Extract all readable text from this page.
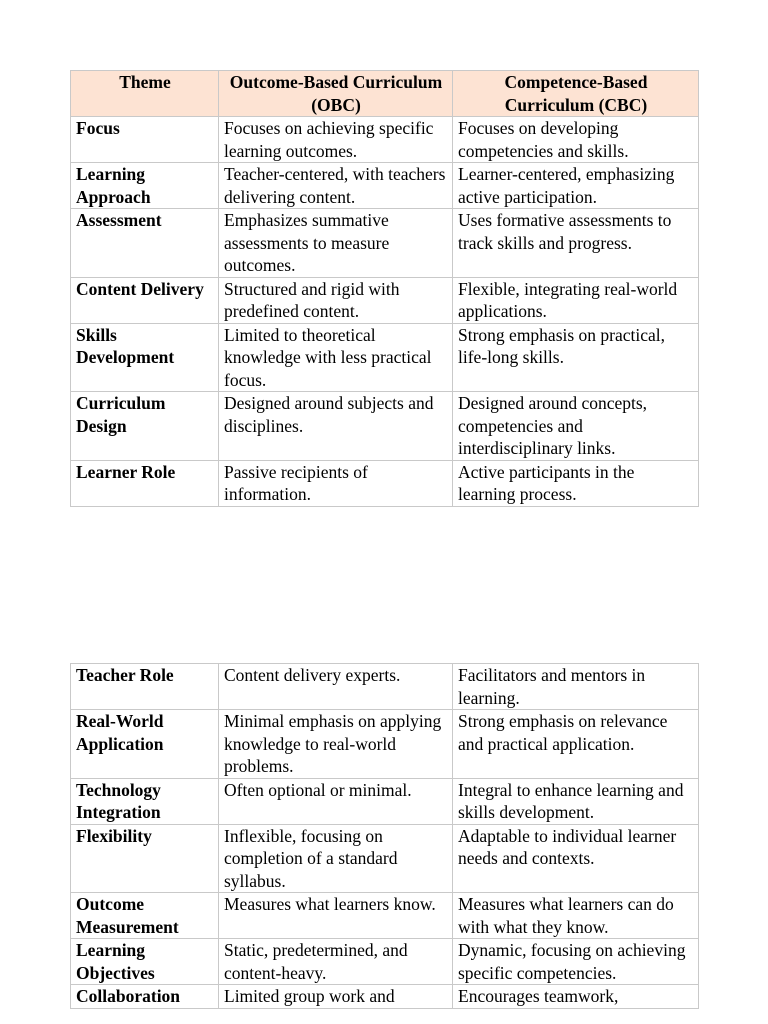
Theme	Outcome-Based Curriculum (OBC)	Competence-Based Curriculum (CBC)
Focus	Focuses on achieving specific learning outcomes.	Focuses on developing competencies and skills.
Learning Approach	Teacher-centered, with teachers delivering content.	Learner-centered, emphasizing active participation.
Assessment	Emphasizes summative assessments to measure outcomes.	Uses formative assessments to track skills and progress.
Content Delivery	Structured and rigid with predefined content.	Flexible, integrating real-world applications.
Skills Development	Limited to theoretical knowledge with less practical focus.	Strong emphasis on practical, life-long skills.
Curriculum Design	Designed around subjects and disciplines.	Designed around concepts, competencies and interdisciplinary links.
Learner Role	Passive recipients of information.	Active participants in the learning process.
Teacher Role	Content delivery experts.	Facilitators and mentors in learning.
Real-World Application	Minimal emphasis on applying knowledge to real-world problems.	Strong emphasis on relevance and practical application.
Technology Integration	Often optional or minimal.	Integral to enhance learning and skills development.
Flexibility	Inflexible, focusing on completion of a standard syllabus.	Adaptable to individual learner needs and contexts.
Outcome Measurement	Measures what learners know.	Measures what learners can do with what they know.
Learning Objectives	Static, predetermined, and content-heavy.	Dynamic, focusing on achieving specific competencies.
Collaboration	Limited group work and	Encourages teamwork,
